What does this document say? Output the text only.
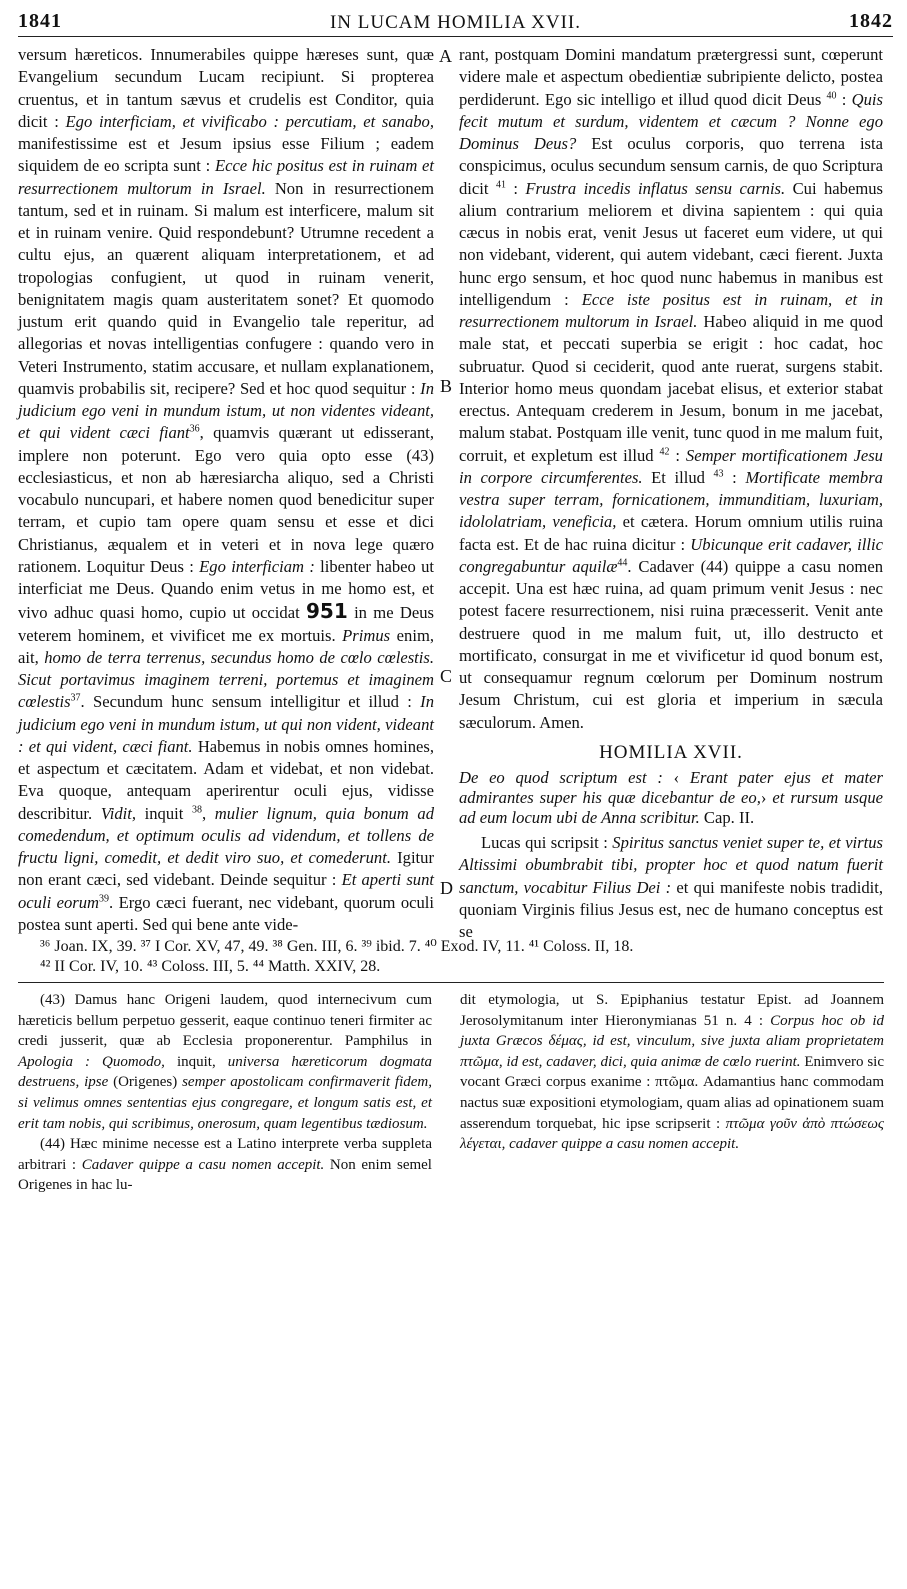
1841	IN LUCAM HOMILIA XVII.	1842
A
B
C
D

versum hæreticos. Innumerabiles quippe hæreses sunt, quæ Evangelium secundum Lucam recipiunt. Si propterea cruentus, et in tantum sævus et crudelis est Conditor, quia dicit : Ego interficiam, et vivificabo : percutiam, et sanabo, manifestissime est et Jesum ipsius esse Filium ; eadem siquidem de eo scripta sunt : Ecce hic positus est in ruinam et resurrectionem multorum in Israel. Non in resurrectionem tantum, sed et in ruinam. Si malum est interficere, malum sit et in ruinam venire. Quid respondebunt? Utrumne recedent a cultu ejus, an quærent aliquam interpretationem, et ad tropologias confugient, ut quod in ruinam venerit, benignitatem magis quam austeritatem sonet? Et quomodo justum erit quando quid in Evangelio tale reperitur, ad allegorias et novas intelligentias confugere : quando vero in Veteri Instrumento, statim accusare, et nullam explanationem, quamvis probabilis sit, recipere? Sed et hoc quod sequitur : In judicium ego veni in mundum istum, ut non videntes videant, et qui vident cæci fiant$^{36}$, quamvis quærant ut edisserant, implere non poterunt. Ego vero quia opto esse (43) ecclesiasticus, et non ab hæresiarcha aliquo, sed a Christi vocabulo nuncupari, et habere nomen quod benedicitur super terram, et cupio tam opere quam sensu et esse et dici Christianus, æqualem et in veteri et in nova lege quæro rationem. Loquitur Deus : Ego interficiam : libenter habeo ut interficiat me Deus. Quando enim vetus in me homo est, et vivo adhuc quasi homo, cupio ut occidat 951 in me Deus veterem hominem, et vivificet me ex mortuis. Primus enim, ait, homo de terra terrenus, secundus homo de cœlo cœlestis. Sicut portavimus imaginem terreni, portemus et imaginem cœlestis$^{37}$. Secundum hunc sensum intelligitur et illud : In judicium ego veni in mundum istum, ut qui non vident, videant : et qui vident, cæci fiant. Habemus in nobis omnes homines, et aspectum et cæcitatem. Adam et videbat, et non videbat. Eva quoque, antequam aperirentur oculi ejus, vidisse describitur. Vidit, inquit $^{38}$, mulier lignum, quia bonum ad comedendum, et optimum oculis ad videndum, et tollens de fructu ligni, comedit, et dedit viro suo, et comederunt. Igitur non erant cæci, sed videbant. Deinde sequitur : Et aperti sunt oculi eorum$^{39}$. Ergo cæci fuerant, nec videbant, quorum oculi postea sunt aperti. Sed qui bene ante vide-

rant, postquam Domini mandatum prætergressi sunt, cœperunt videre male et aspectum obedientiæ subripiente delicto, postea perdiderunt. Ego sic intelligo et illud quod dicit Deus $^{40}$ : Quis fecit mutum et surdum, videntem et cæcum ? Nonne ego Dominus Deus? Est oculus corporis, quo terrena ista conspicimus, oculus secundum sensum carnis, de quo Scriptura dicit $^{41}$ : Frustra incedis inflatus sensu carnis. Cui habemus alium contrarium meliorem et divina sapientem : qui quia cæcus in nobis erat, venit Jesus ut faceret eum videre, ut qui non videbant, viderent, qui autem videbant, cæci fierent. Juxta hunc ergo sensum, et hoc quod nunc habemus in manibus est intelligendum : Ecce iste positus est in ruinam, et in resurrectionem multorum in Israel. Habeo aliquid in me quod male stat, et peccati superbia se erigit : hoc cadat, hoc subruatur. Quod si ceciderit, quod ante ruerat, surgens stabit. Interior homo meus quondam jacebat elisus, et exterior stabat erectus. Antequam crederem in Jesum, bonum in me jacebat, malum stabat. Postquam ille venit, tunc quod in me malum fuit, corruit, et expletum est illud $^{42}$ : Semper mortificationem Jesu in corpore circumferentes. Et illud $^{43}$ : Mortificate membra vestra super terram, fornicationem, immunditiam, luxuriam, idololatriam, veneficia, et cætera. Horum omnium utilis ruina facta est. Et de hac ruina dicitur : Ubicunque erit cadaver, illic congregabuntur aquilæ$^{44}$. Cadaver (44) quippe a casu nomen accepit. Una est hæc ruina, ad quam primum venit Jesus : nec potest facere resurrectionem, nisi ruina præcesserit. Venit ante destruere quod in me malum fuit, ut, illo destructo et mortificato, consurgat in me et vivificetur id quod bonum est, ut consequamur regnum cœlorum per Dominum nostrum Jesum Christum, cui est gloria et imperium in sæcula sæculorum. Amen.

HOMILIA XVII.

De eo quod scriptum est : ‹ Erant pater ejus et mater admirantes super his quæ dicebantur de eo,› et rursum usque ad eum locum ubi de Anna scribitur. Cap. II.

Lucas qui scripsit : Spiritus sanctus veniet super te, et virtus Altissimi obumbrabit tibi, propter hoc et quod natum fuerit sanctum, vocabitur Filius Dei : et qui manifeste nobis tradidit, quoniam Virginis filius Jesus est, nec de humano conceptus est se

³⁶ Joan. IX, 39. ³⁷ I Cor. XV, 47, 49. ³⁸ Gen. III, 6. ³⁹ ibid. 7. ⁴⁰ Exod. IV, 11. ⁴¹ Coloss. II, 18.
⁴² II Cor. IV, 10. ⁴³ Coloss. III, 5. ⁴⁴ Matth. XXIV, 28.

(43) Damus hanc Origeni laudem, quod internecivum cum hæreticis bellum perpetuo gesserit, eaque continuo teneri firmiter ac credi jusserit, quæ ab Ecclesia proponerentur. Pamphilus in Apologia : Quomodo, inquit, universa hæreticorum dogmata destruens, ipse (Origenes) semper apostolicam confirmaverit fidem, si velimus omnes sententias ejus congregare, et longum satis est, et erit tam nobis, qui scribimus, onerosum, quam legentibus tædiosum.

(44) Hæc minime necesse est a Latino interprete verba suppleta arbitrari : Cadaver quippe a casu nomen accepit. Non enim semel Origenes in hac lu-

dit etymologia, ut S. Epiphanius testatur Epist. ad Joannem Jerosolymitanum inter Hieronymianas 51 n. 4 : Corpus hoc ob id juxta Græcos δέμας, id est, vinculum, sive juxta aliam proprietatem πτῶμα, id est, cadaver, dici, quia animæ de cœlo ruerint. Enimvero sic vocant Græci corpus exanime : πτῶμα. Adamantius hanc commodam nactus suæ expositioni etymologiam, quam alias ad opinationem suam asserendum torquebat, hic ipse scripserit : πτῶμα γοῦν ἀπὸ πτώσεως λέγεται, cadaver quippe a casu nomen accepit.
